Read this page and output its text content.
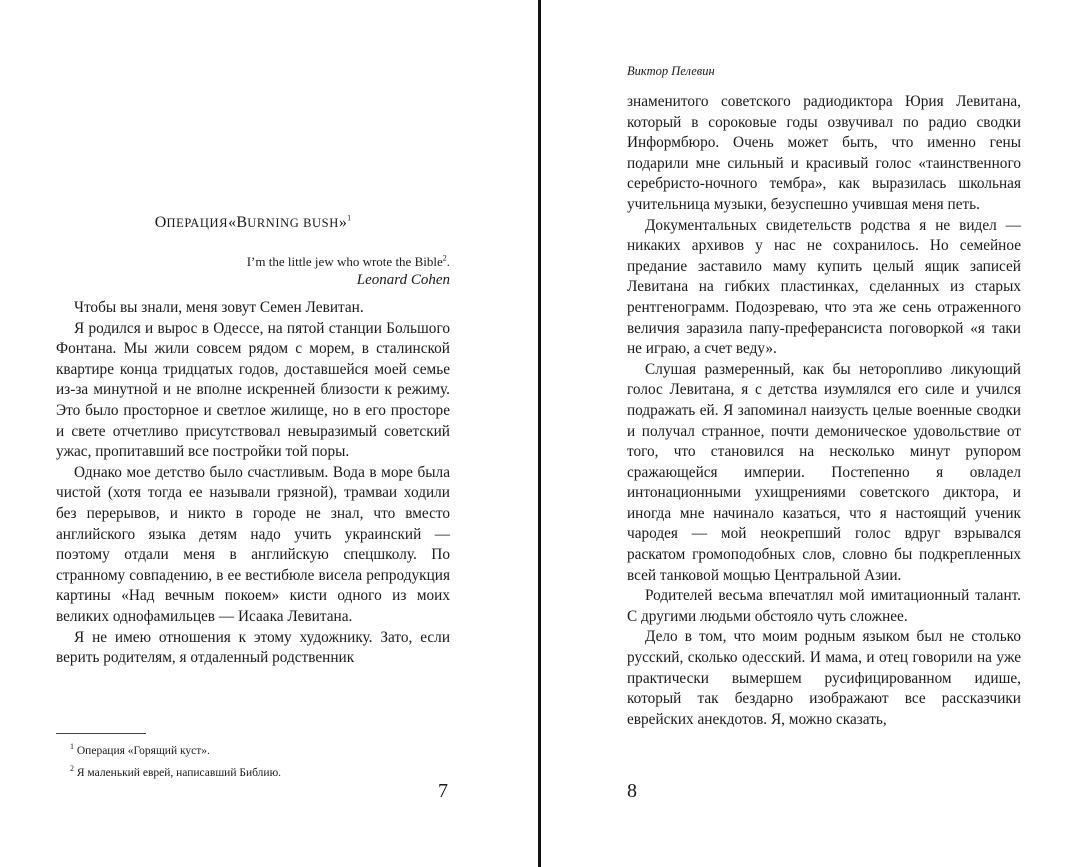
ОПЕРАЦИЯ«BURNING BUSH»$^1$
I’m the little jew who wrote the Bible$^2$.
Leonard Cohen

Чтобы вы знали, меня зовут Семен Левитан.

Я родился и вырос в Одессе, на пятой станции Большого Фонтана. Мы жили совсем рядом с морем, в сталинской квартире конца тридцатых годов, доставшейся моей семье из-за минутной и не вполне искренней близости к режиму. Это было просторное и светлое жилище, но в его просторе и свете отчетливо присутствовал невыразимый советский ужас, пропитавший все постройки той поры.

Однако мое детство было счастливым. Вода в море была чистой (хотя тогда ее называли грязной), трамваи ходили без перерывов, и никто в городе не знал, что вместо английского языка детям надо учить украинский — поэтому отдали меня в английскую спецшколу. По странному совпадению, в ее вестибюле висела репродукция картины «Над вечным покоем» кисти одного из моих великих однофамильцев — Исаака Левитана.

Я не имею отношения к этому художнику. Зато, если верить родителям, я отдаленный родственник

$^1$ Операция «Горящий куст».
$^2$ Я маленький еврей, написавший Библию.
7
Виктор Пелевин

знаменитого советского радиодиктора Юрия Левитана, который в сороковые годы озвучивал по радио сводки Информбюро. Очень может быть, что именно гены подарили мне сильный и красивый голос «таинственного серебристо-ночного тембра», как выразилась школьная учительница музыки, безуспешно учившая меня петь.

Документальных свидетельств родства я не видел — никаких архивов у нас не сохранилось. Но семейное предание заставило маму купить целый ящик записей Левитана на гибких пластинках, сделанных из старых рентгенограмм. Подозреваю, что эта же сень отраженного величия заразила папу-преферансиста поговоркой «я таки не играю, а счет веду».

Слушая размеренный, как бы неторопливо ликующий голос Левитана, я с детства изумлялся его силе и учился подражать ей. Я запоминал наизусть целые военные сводки и получал странное, почти демоническое удовольствие от того, что становился на несколько минут рупором сражающейся империи. Постепенно я овладел интонационными ухищрениями советского диктора, и иногда мне начинало казаться, что я настоящий ученик чародея — мой неокрепший голос вдруг взрывался раскатом громоподобных слов, словно бы подкрепленных всей танковой мощью Центральной Азии.

Родителей весьма впечатлял мой имитационный талант. С другими людьми обстояло чуть сложнее.

Дело в том, что моим родным языком был не столько русский, сколько одесский. И мама, и отец говорили на уже практически вымершем русифицированном идише, который так бездарно изображают все рассказчики еврейских анекдотов. Я, можно сказать,

8
